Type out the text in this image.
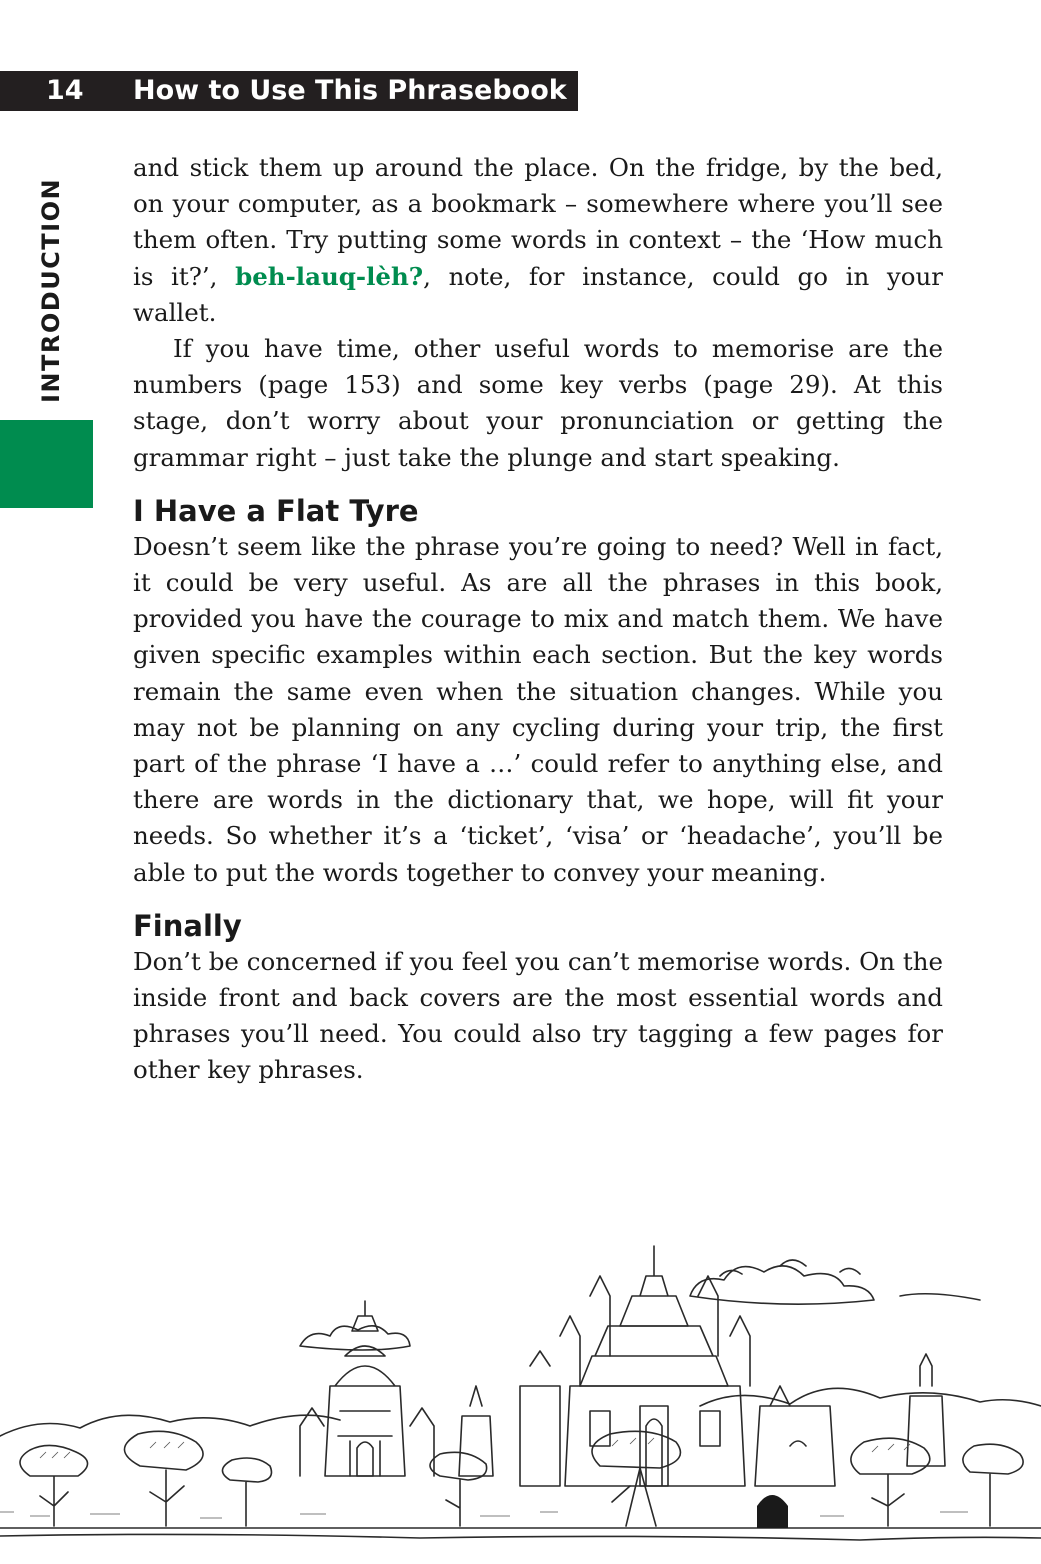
14 How to Use This Phrasebook
INTRODUCTION

and stick them up around the place. On the fridge, by the bed, on your computer, as a bookmark – somewhere where you’ll see them often. Try putting some words in context – the ‘How much is it?’, beh-lauq-lèh?, note, for instance, could go in your wallet.

If you have time, other useful words to memorise are the numbers (page 153) and some key verbs (page 29). At this stage, don’t worry about your pronunciation or getting the grammar right – just take the plunge and start speaking.

I Have a Flat Tyre

Doesn’t seem like the phrase you’re going to need? Well in fact, it could be very useful. As are all the phrases in this book, provided you have the courage to mix and match them. We have given specific examples within each section. But the key words remain the same even when the situation changes. While you may not be planning on any cycling during your trip, the first part of the phrase ‘I have a …’ could refer to anything else, and there are words in the dictionary that, we hope, will fit your needs. So whether it’s a ‘ticket’, ‘visa’ or ‘headache’, you’ll be able to put the words together to convey your meaning.

Finally

Don’t be concerned if you feel you can’t memorise words. On the inside front and back covers are the most essential words and phrases you’ll need. You could also try tagging a few pages for other key phrases.
